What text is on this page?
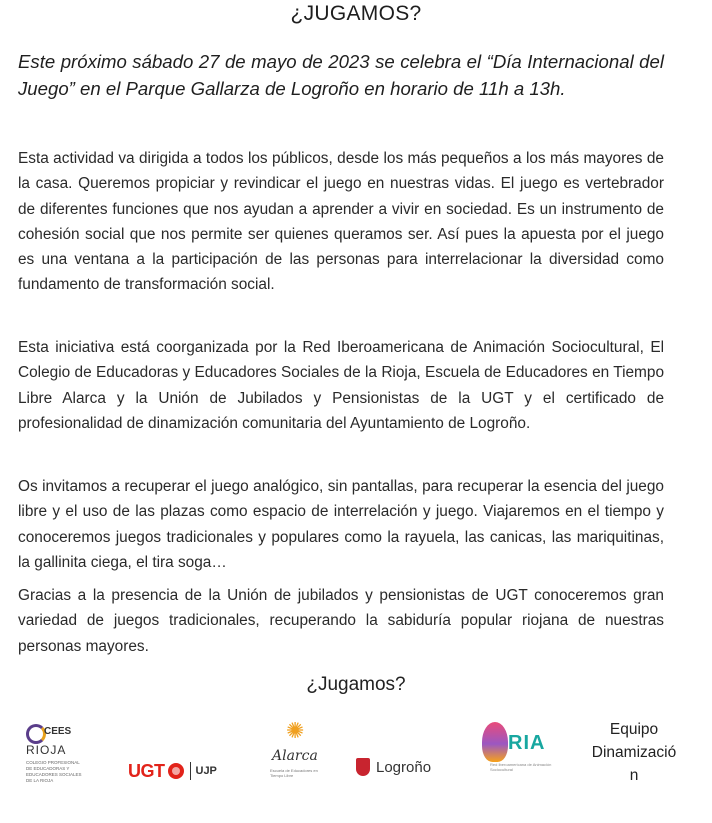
¿JUGAMOS?
Este próximo sábado 27 de mayo de 2023 se celebra el “Día Internacional del Juego” en el Parque Gallarza de Logroño en horario de 11h a 13h.
Esta actividad va dirigida a todos los públicos, desde los más pequeños a los más mayores de la casa. Queremos propiciar y revindicar el juego en nuestras vidas. El juego es vertebrador de diferentes funciones que nos ayudan a aprender a vivir en sociedad. Es un instrumento de cohesión social que nos permite ser quienes queramos ser. Así pues la apuesta por el juego es una ventana a la participación de las personas para interrelacionar la diversidad como fundamento de transformación social.
Esta iniciativa está coorganizada por la Red Iberoamericana de Animación Sociocultural, El Colegio de Educadoras y Educadores Sociales de la Rioja, Escuela de Educadores en Tiempo Libre Alarca y la Unión de Jubilados y Pensionistas de la UGT y el certificado de profesionalidad de dinamización comunitaria del Ayuntamiento de Logroño.
Os invitamos a recuperar el juego analógico, sin pantallas, para recuperar la esencia del juego libre y el uso de las plazas como espacio de interrelación y juego. Viajaremos en el tiempo y conoceremos juegos tradicionales y populares como la rayuela, las canicas, las mariquitinas, la gallinita ciega, el tira soga…
Gracias a la presencia de la Unión de jubilados y pensionistas de UGT conoceremos gran variedad de juegos tradicionales, recuperando la sabiduría popular riojana de nuestras personas mayores.
¿Jugamos?
CEES
RIOJA
COLEGIO PROFESIONAL DE EDUCADORAS Y EDUCADORES SOCIALES DE LA RIOJA	UGT	UJP
✺
Alarca
Escuela de Educadores en Tiempo Libre	Logroño
RIA
Red Iberoamericana de Animación Sociocultural
Equipo
Dinamizació
n
